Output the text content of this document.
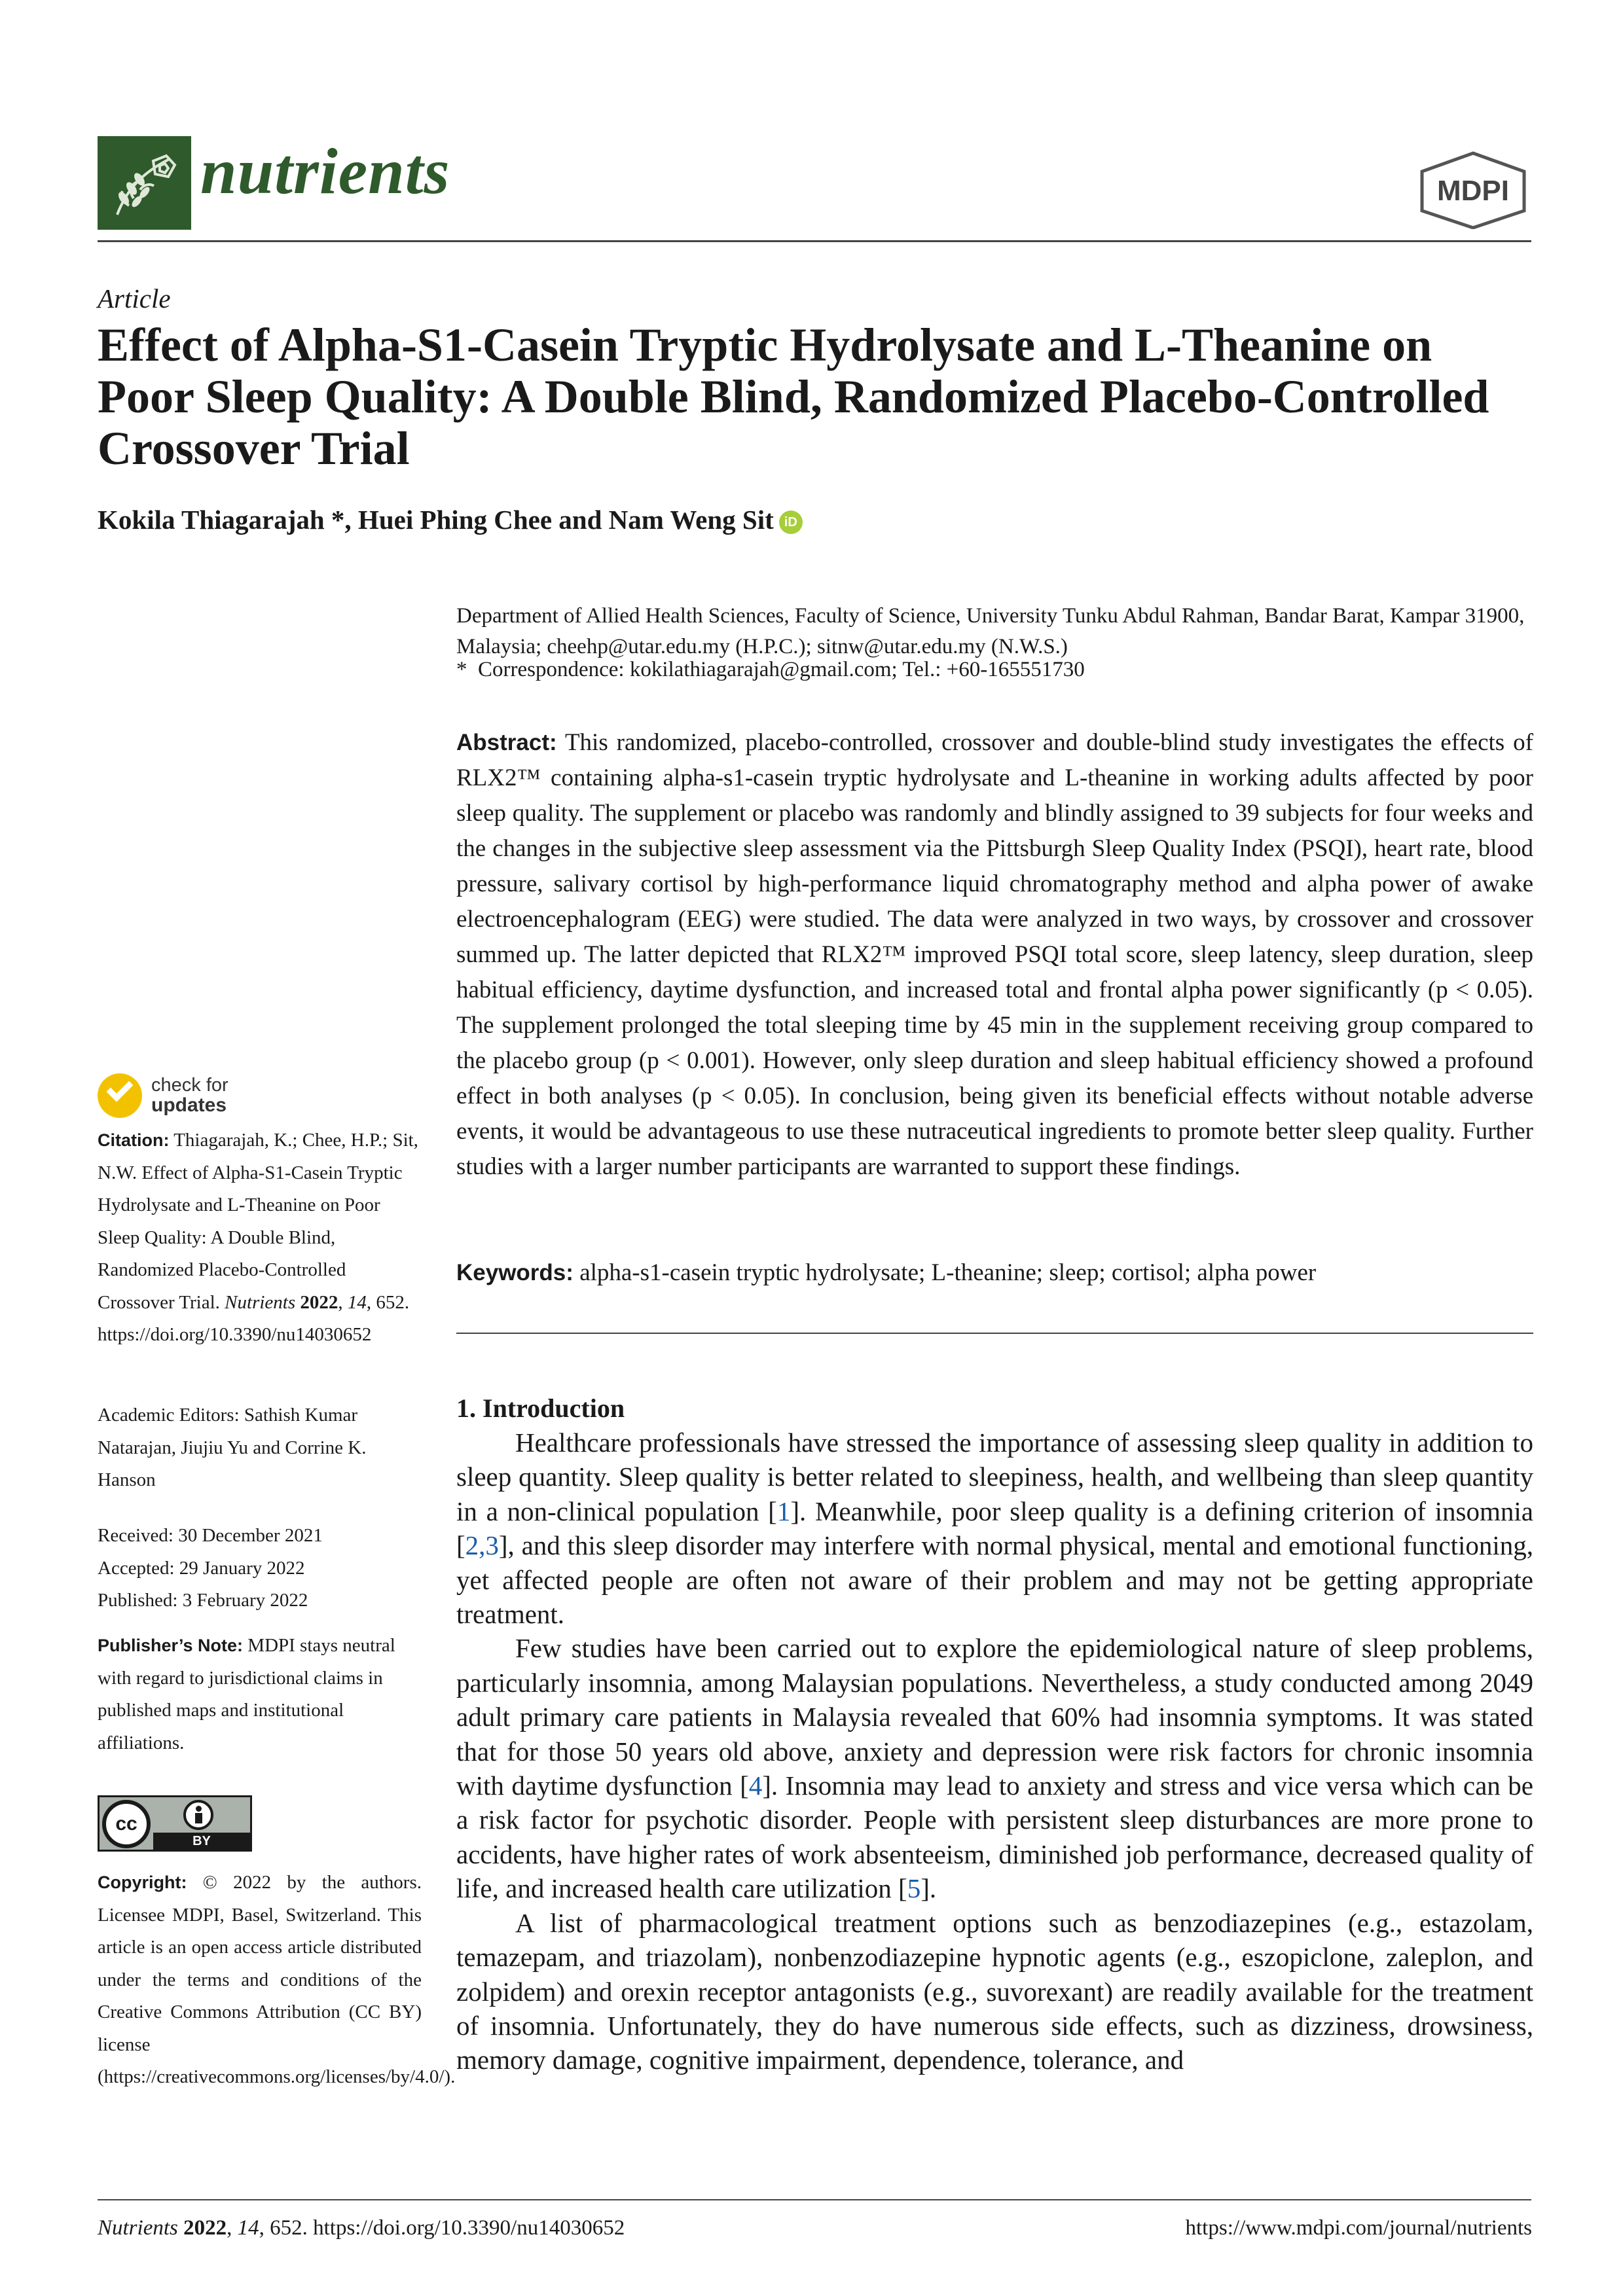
nutrients	MDPI
Article
Effect of Alpha-S1-Casein Tryptic Hydrolysate and L-Theanine on Poor Sleep Quality: A Double Blind, Randomized Placebo-Controlled Crossover Trial
Kokila Thiagarajah *, Huei Phing Chee and Nam Weng Sit iD
Department of Allied Health Sciences, Faculty of Science, University Tunku Abdul Rahman, Bandar Barat, Kampar 31900, Malaysia; cheehp@utar.edu.my (H.P.C.); sitnw@utar.edu.my (N.W.S.)
* Correspondence: kokilathiagarajah@gmail.com; Tel.: +60-165551730
Abstract: This randomized, placebo-controlled, crossover and double-blind study investigates the effects of RLX2™ containing alpha-s1-casein tryptic hydrolysate and L-theanine in working adults affected by poor sleep quality. The supplement or placebo was randomly and blindly assigned to 39 subjects for four weeks and the changes in the subjective sleep assessment via the Pittsburgh Sleep Quality Index (PSQI), heart rate, blood pressure, salivary cortisol by high-performance liquid chromatography method and alpha power of awake electroencephalogram (EEG) were studied. The data were analyzed in two ways, by crossover and crossover summed up. The latter depicted that RLX2™ improved PSQI total score, sleep latency, sleep duration, sleep habitual efficiency, daytime dysfunction, and increased total and frontal alpha power significantly (p < 0.05). The supplement prolonged the total sleeping time by 45 min in the supplement receiving group compared to the placebo group (p < 0.001). However, only sleep duration and sleep habitual efficiency showed a profound effect in both analyses (p < 0.05). In conclusion, being given its beneficial effects without notable adverse events, it would be advantageous to use these nutraceutical ingredients to promote better sleep quality. Further studies with a larger number participants are warranted to support these findings.
Keywords: alpha-s1-casein tryptic hydrolysate; L-theanine; sleep; cortisol; alpha power
1. Introduction

Healthcare professionals have stressed the importance of assessing sleep quality in addition to sleep quantity. Sleep quality is better related to sleepiness, health, and wellbeing than sleep quantity in a non-clinical population [1]. Meanwhile, poor sleep quality is a defining criterion of insomnia [2,3], and this sleep disorder may interfere with normal physical, mental and emotional functioning, yet affected people are often not aware of their problem and may not be getting appropriate treatment.

Few studies have been carried out to explore the epidemiological nature of sleep problems, particularly insomnia, among Malaysian populations. Nevertheless, a study conducted among 2049 adult primary care patients in Malaysia revealed that 60% had insomnia symptoms. It was stated that for those 50 years old above, anxiety and depression were risk factors for chronic insomnia with daytime dysfunction [4]. Insomnia may lead to anxiety and stress and vice versa which can be a risk factor for psychotic disorder. People with persistent sleep disturbances are more prone to accidents, have higher rates of work absenteeism, diminished job performance, decreased quality of life, and increased health care utilization [5].

A list of pharmacological treatment options such as benzodiazepines (e.g., estazolam, temazepam, and triazolam), nonbenzodiazepine hypnotic agents (e.g., eszopiclone, zaleplon, and zolpidem) and orexin receptor antagonists (e.g., suvorexant) are readily available for the treatment of insomnia. Unfortunately, they do have numerous side effects, such as dizziness, drowsiness, memory damage, cognitive impairment, dependence, tolerance, and

check for
updates
Citation: Thiagarajah, K.; Chee, H.P.; Sit, N.W. Effect of Alpha-S1-Casein Tryptic Hydrolysate and L-Theanine on Poor Sleep Quality: A Double Blind, Randomized Placebo-Controlled Crossover Trial. Nutrients 2022, 14, 652. https://doi.org/10.3390/nu14030652
Academic Editors: Sathish Kumar Natarajan, Jiujiu Yu and Corrine K. Hanson
Received: 30 December 2021
Accepted: 29 January 2022
Published: 3 February 2022
Publisher’s Note: MDPI stays neutral with regard to jurisdictional claims in published maps and institutional affiliations.
cc
BY
Copyright: © 2022 by the authors. Licensee MDPI, Basel, Switzerland. This article is an open access article distributed under the terms and conditions of the Creative Commons Attribution (CC BY) license (https://creativecommons.org/licenses/by/4.0/).
Nutrients 2022, 14, 652. https://doi.org/10.3390/nu14030652	https://www.mdpi.com/journal/nutrients
